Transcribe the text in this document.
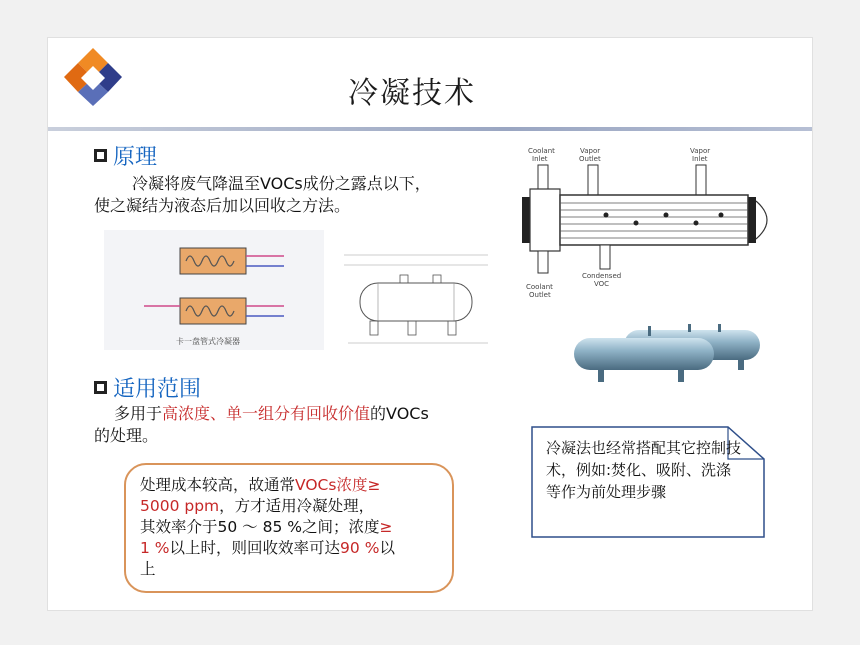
冷凝技术
原理
冷凝将废气降温至VOCs成份之露点以下，
使之凝结为液态后加以回收之方法。
卡一盘管式冷凝器
Coolant
Inlet
Vapor
Outlet
Vapor
Inlet
Condensed
VOC
Coolant
Outlet
适用范围
多用于高浓度、单一组分有回收价值的VOCs
的处理。
处理成本较高，故通常VOCs浓度≥
5000 ppm，方才适用冷凝处理，
其效率介于50 ～ 85 %之间；浓度≥
1 %以上时，则回收效率可达90 %以
上
冷凝法也经常搭配其它控制技术，例如:焚化、吸附、洗涤等作为前处理步骤
